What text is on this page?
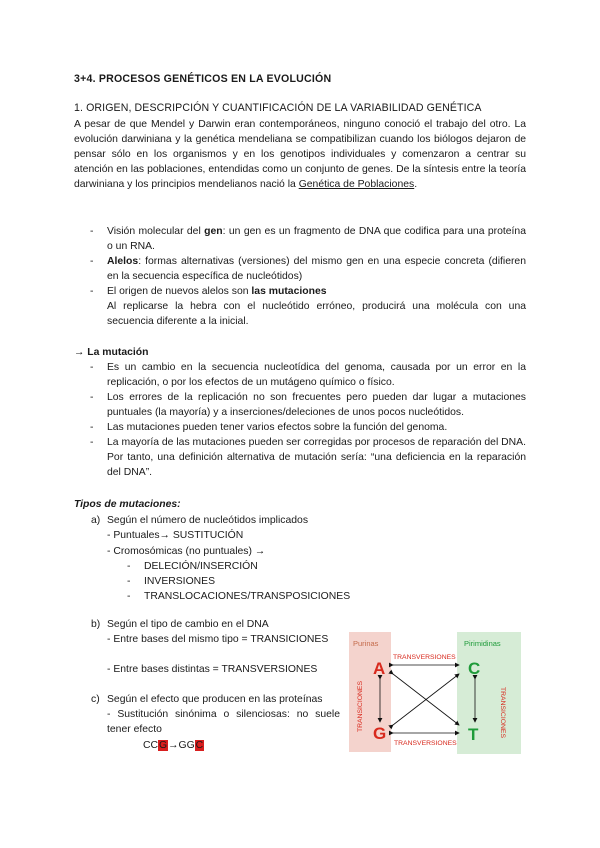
3+4. PROCESOS GENÉTICOS EN LA EVOLUCIÓN
1. ORIGEN, DESCRIPCIÓN Y CUANTIFICACIÓN DE LA VARIABILIDAD GENÉTICA

A pesar de que Mendel y Darwin eran contemporáneos, ninguno conoció el trabajo del otro. La evolución darwiniana y la genética mendeliana se compatibilizan cuando los biólogos dejaron de pensar sólo en los organismos y en los genotipos individuales y comenzaron a centrar su atención en las poblaciones, entendidas como un conjunto de genes. De la síntesis entre la teoría darwiniana y los principios mendelianos nació la Genética de Poblaciones.

- Visión molecular del gen: un gen es un fragmento de DNA que codifica para una proteína o un RNA.
- Alelos: formas alternativas (versiones) del mismo gen en una especie concreta (difieren en la secuencia específica de nucleótidos)
- El origen de nuevos alelos son las mutaciones
Al replicarse la hebra con el nucleótido erróneo, producirá una molécula con una secuencia diferente a la inicial.
→ La mutación
- Es un cambio en la secuencia nucleotídica del genoma, causada por un error en la replicación, o por los efectos de un mutágeno químico o físico.
- Los errores de la replicación no son frecuentes pero pueden dar lugar a mutaciones puntuales (la mayoría) y a inserciones/deleciones de unos pocos nucleótidos.
- Las mutaciones pueden tener varios efectos sobre la función del genoma.
- La mayoría de las mutaciones pueden ser corregidas por procesos de reparación del DNA. Por tanto, una definición alternativa de mutación sería: “una deficiencia en la reparación del DNA”.
Tipos de mutaciones:
a) Según el número de nucleótidos implicados
- Puntuales→ SUSTITUCIÓN
- Cromosómicas (no puntuales) →
- DELECIÓN/INSERCIÓN
- INVERSIONES
- TRANSLOCACIONES/TRANSPOSICIONES
b) Según el tipo de cambio en el DNA
- Entre bases del mismo tipo = TRANSICIONES
- Entre bases distintas = TRANSVERSIONES
c) Según el efecto que producen en las proteínas
- Sustitución sinónima o silenciosas: no suele tener efecto
CCG→GGC
Purinas	Pirimidinas
A
G
C
T
TRANSVERSIONES
TRANSVERSIONES
TRANSICIONES	TRANSICIONES
